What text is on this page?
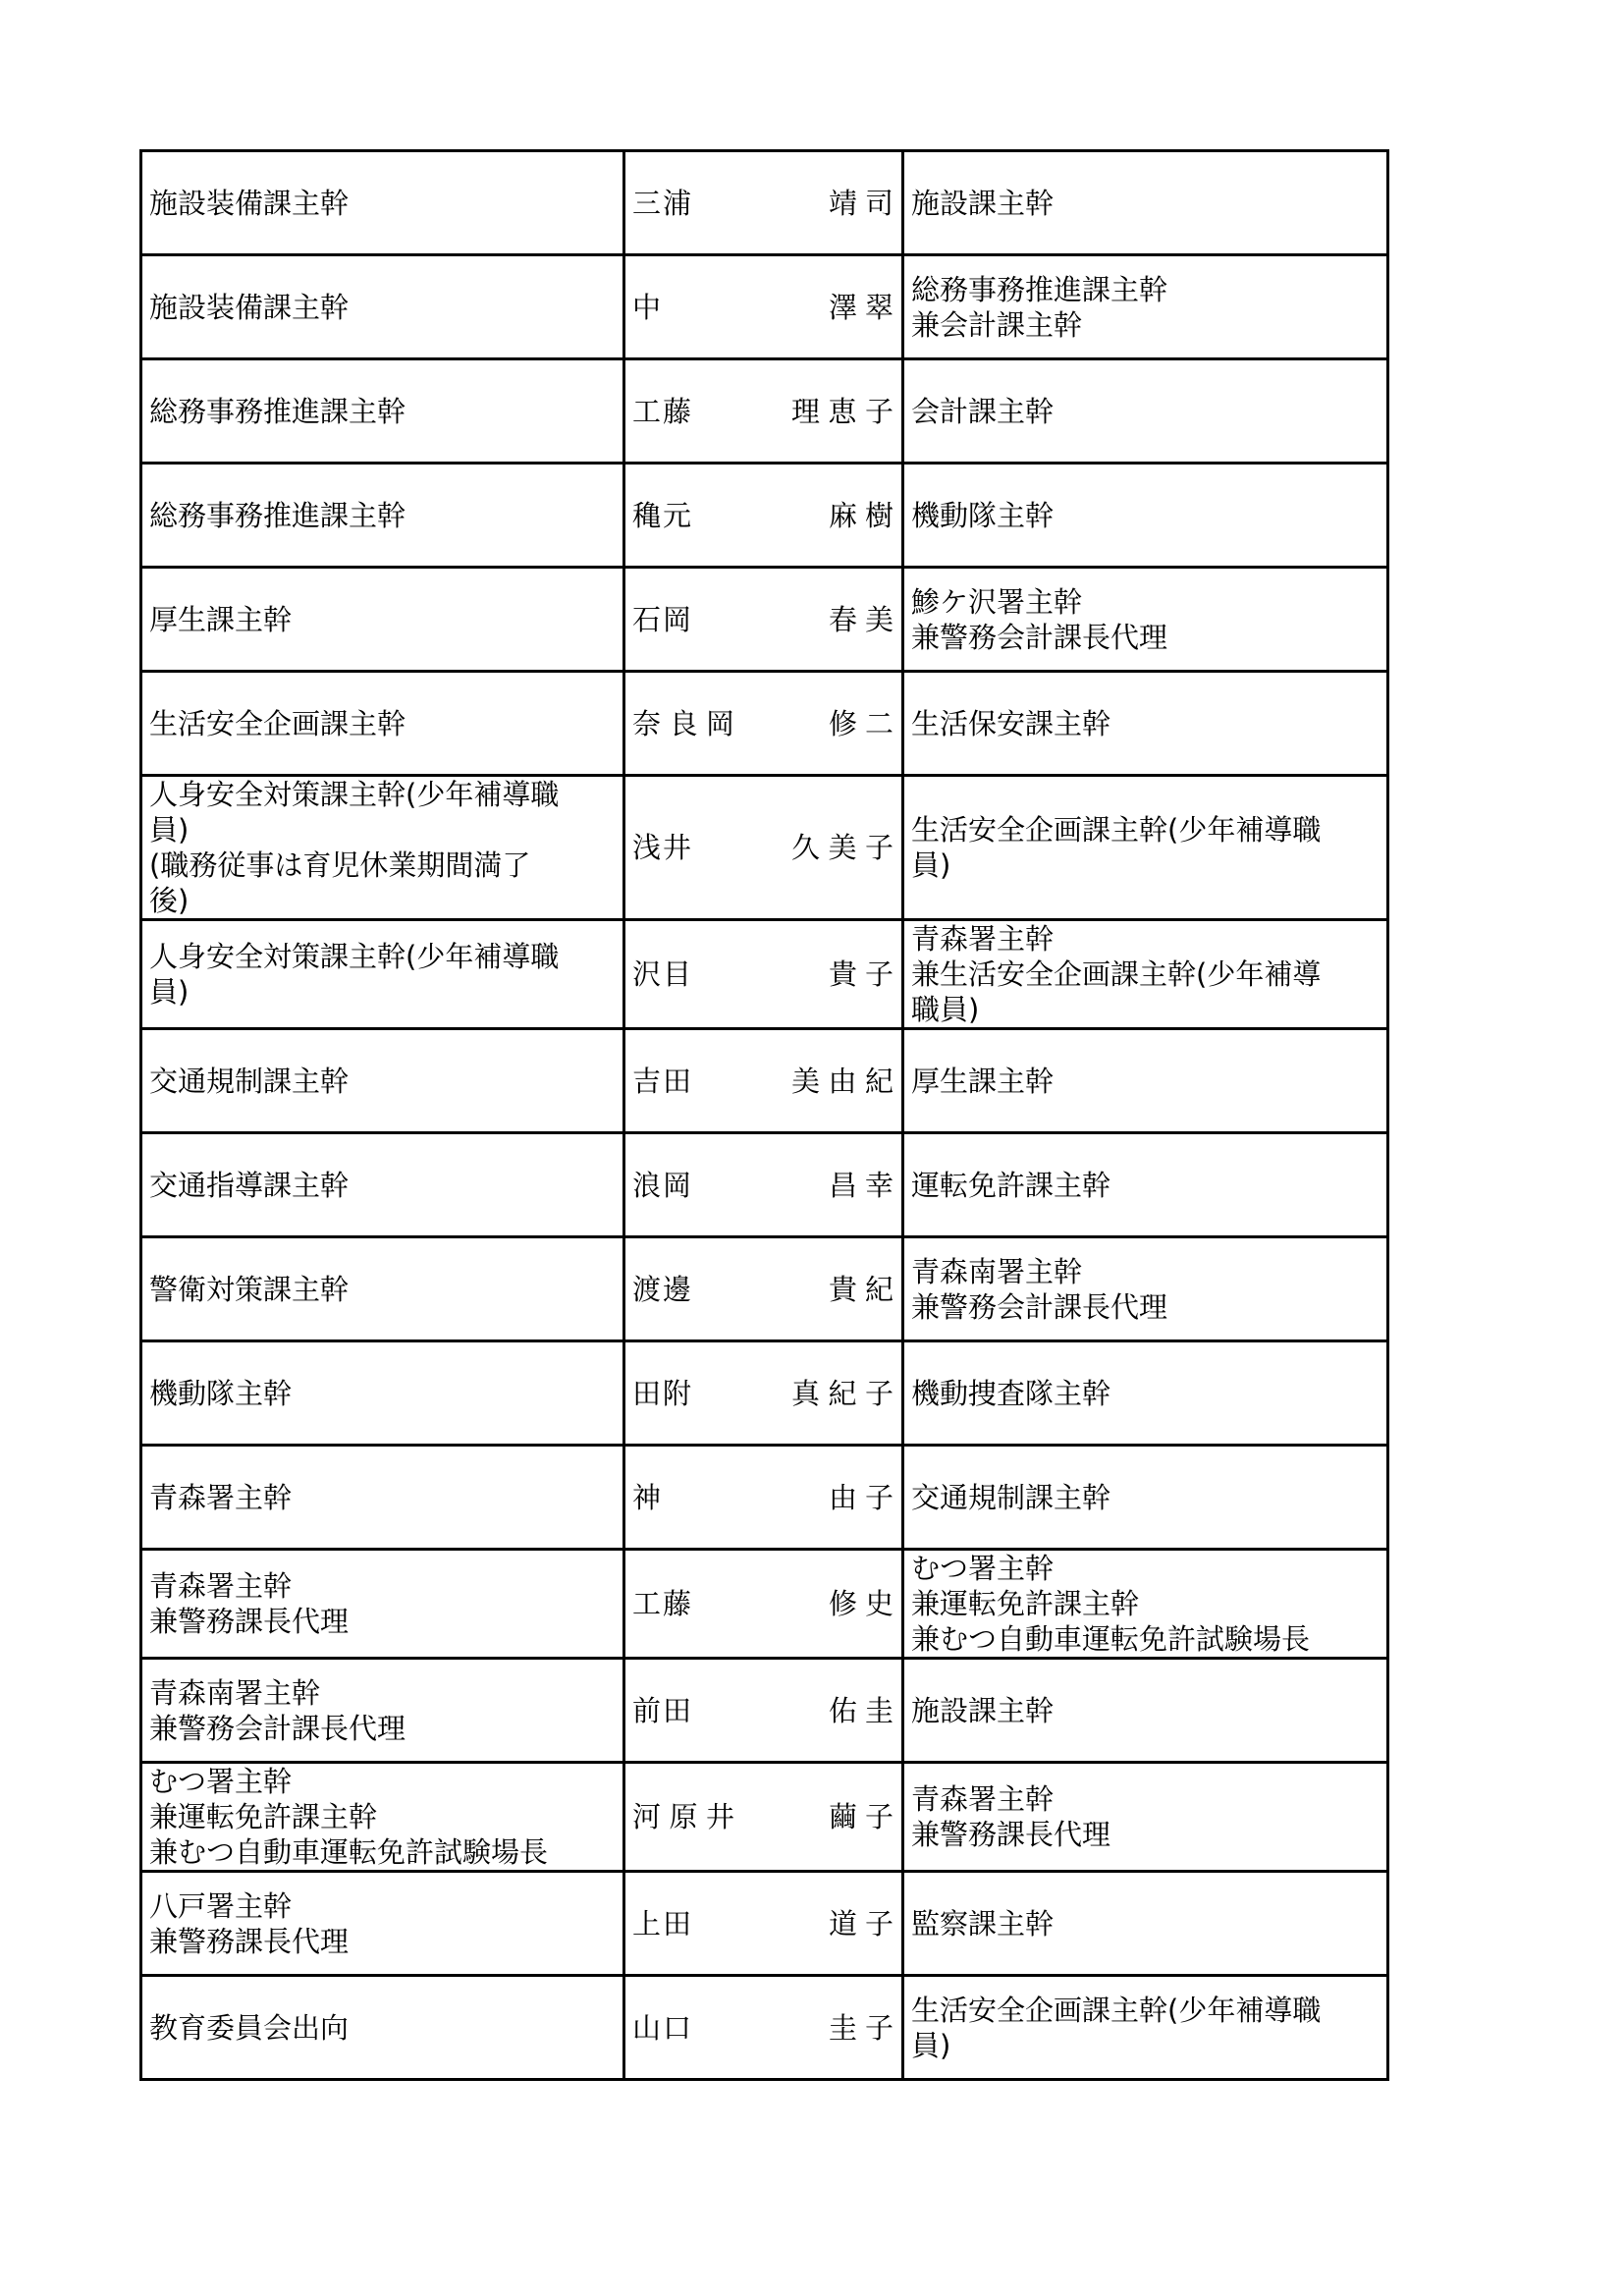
施設装備課主幹	三 浦 靖 司	施設課主幹

施設装備課主幹	中 澤 翠	総務事務推進課主幹
兼会計課主幹

総務事務推進課主幹	工 藤 理 恵 子	会計課主幹

総務事務推進課主幹	穐 元 麻 樹	機動隊主幹

厚生課主幹	石 岡 春 美	鯵ケ沢署主幹
兼警務会計課長代理

生活安全企画課主幹	奈 良 岡 修 二	生活保安課主幹

人身安全対策課主幹(少年補導職
員)
(職務従事は育児休業期間満了
後)	浅 井 久 美 子	生活安全企画課主幹(少年補導職
員)

人身安全対策課主幹(少年補導職
員)	沢 目 貴 子	青森署主幹
兼生活安全企画課主幹(少年補導
職員)

交通規制課主幹	吉 田 美 由 紀	厚生課主幹

交通指導課主幹	浪 岡 昌 幸	運転免許課主幹

警衛対策課主幹	渡 邊 貴 紀	青森南署主幹
兼警務会計課長代理

機動隊主幹	田 附 真 紀 子	機動捜査隊主幹

青森署主幹	神 由 子	交通規制課主幹

青森署主幹
兼警務課長代理	工 藤 修 史	むつ署主幹
兼運転免許課主幹
兼むつ自動車運転免許試験場長

青森南署主幹
兼警務会計課長代理	前 田 佑 圭	施設課主幹

むつ署主幹
兼運転免許課主幹
兼むつ自動車運転免許試験場長	河 原 井 繭 子	青森署主幹
兼警務課長代理

八戸署主幹
兼警務課長代理	上 田 道 子	監察課主幹

教育委員会出向	山 口 圭 子	生活安全企画課主幹(少年補導職
員)
